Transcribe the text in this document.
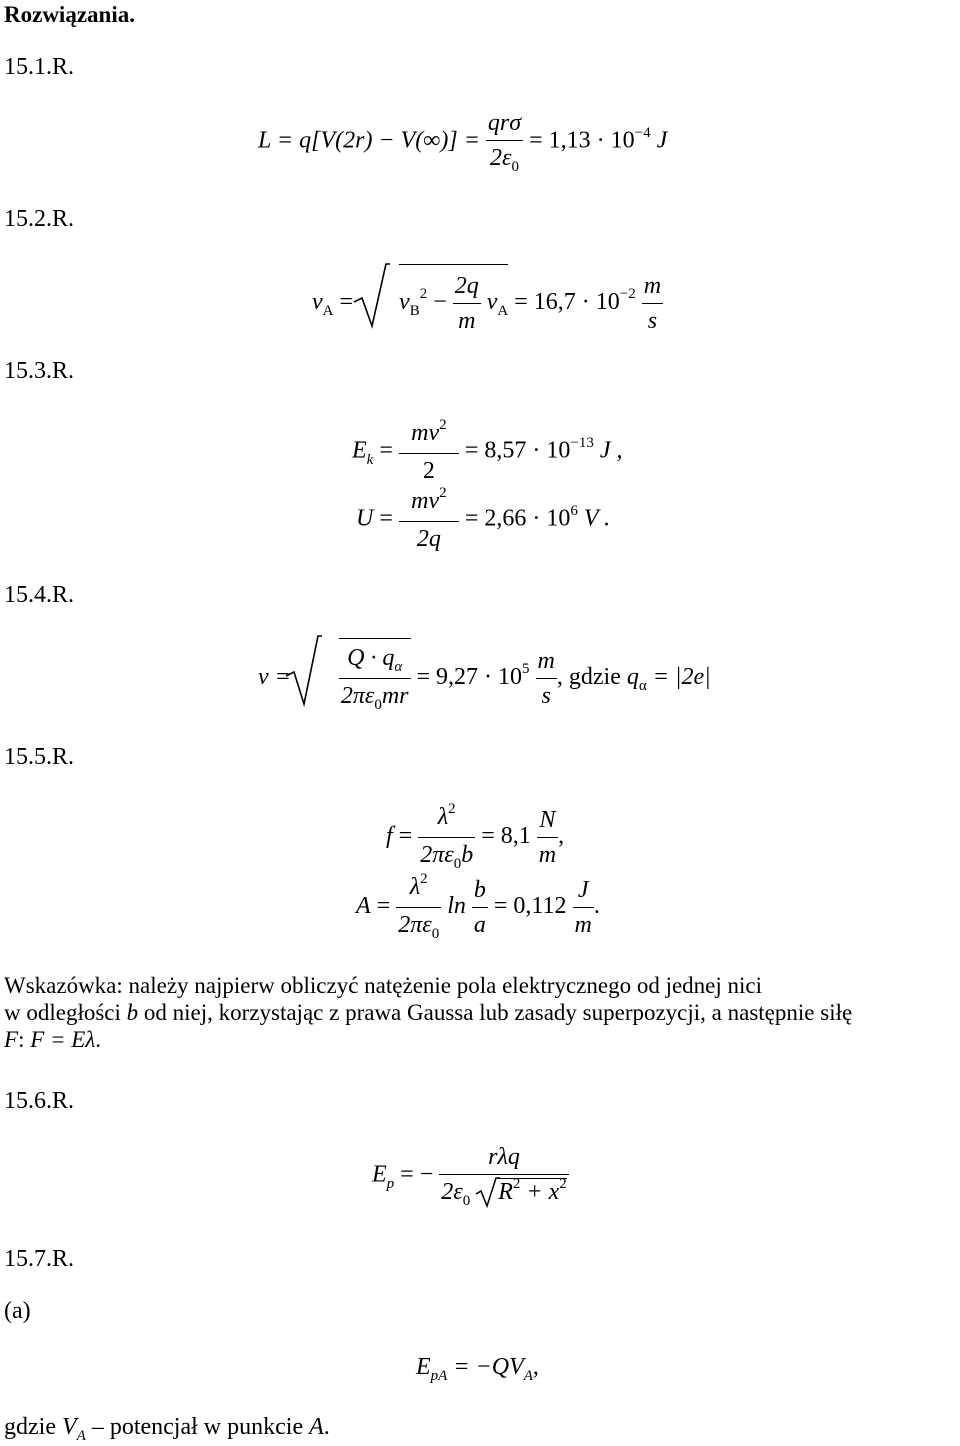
Rozwiązania.
15.1.R.
15.2.R.
15.3.R.
15.4.R.
15.5.R.
15.6.R.
15.7.R.
$L = q[V(2r) - V(\infty)] = \frac{\text{qrσ}}{2\varepsilon_0} = 1,13 \cdot 10^{-4}$ J
$v_A = v_B^2 - \frac{2q}{m} v_A = 16,7 \cdot 10^{-2} \frac{m}{s}$
$E_k = \frac{mv^2}{2} = 8,57 \cdot 10^{-13}$ J ,
$U = \frac{mv^2}{2q} = 2,66 \cdot 10^6$ V .
$v = \frac{Q \cdot q_\alpha}{2\pi\varepsilon_0mr} = 9,27 \cdot 10^5 \frac{m}{s}$ , gdzie $q_\alpha = |2e|$
$f = \frac{\lambda^2}{2\pi\varepsilon_0b} = 8,1 \frac{N}{m}$ ,
$A = \frac{\lambda^2}{2\pi\varepsilon_0}$ $\ln \frac{b}{a} = 0,112 \frac{J}{m}$ .
Wskazówka: należy najpierw obliczyć natężenie pola elektrycznego od jednej nici
w odległości b od niej, korzystając z prawa Gaussa lub zasady superpozycji, a następnie siłę
F: F = Eλ.
$E_p$ = − $\frac{\text{rλq}}{2\varepsilon_0 R^2 + x^2}$
(a)
$E_{pA} = -QV_A$,
gdzie $V_A$ – potencjał w punkcie A.
